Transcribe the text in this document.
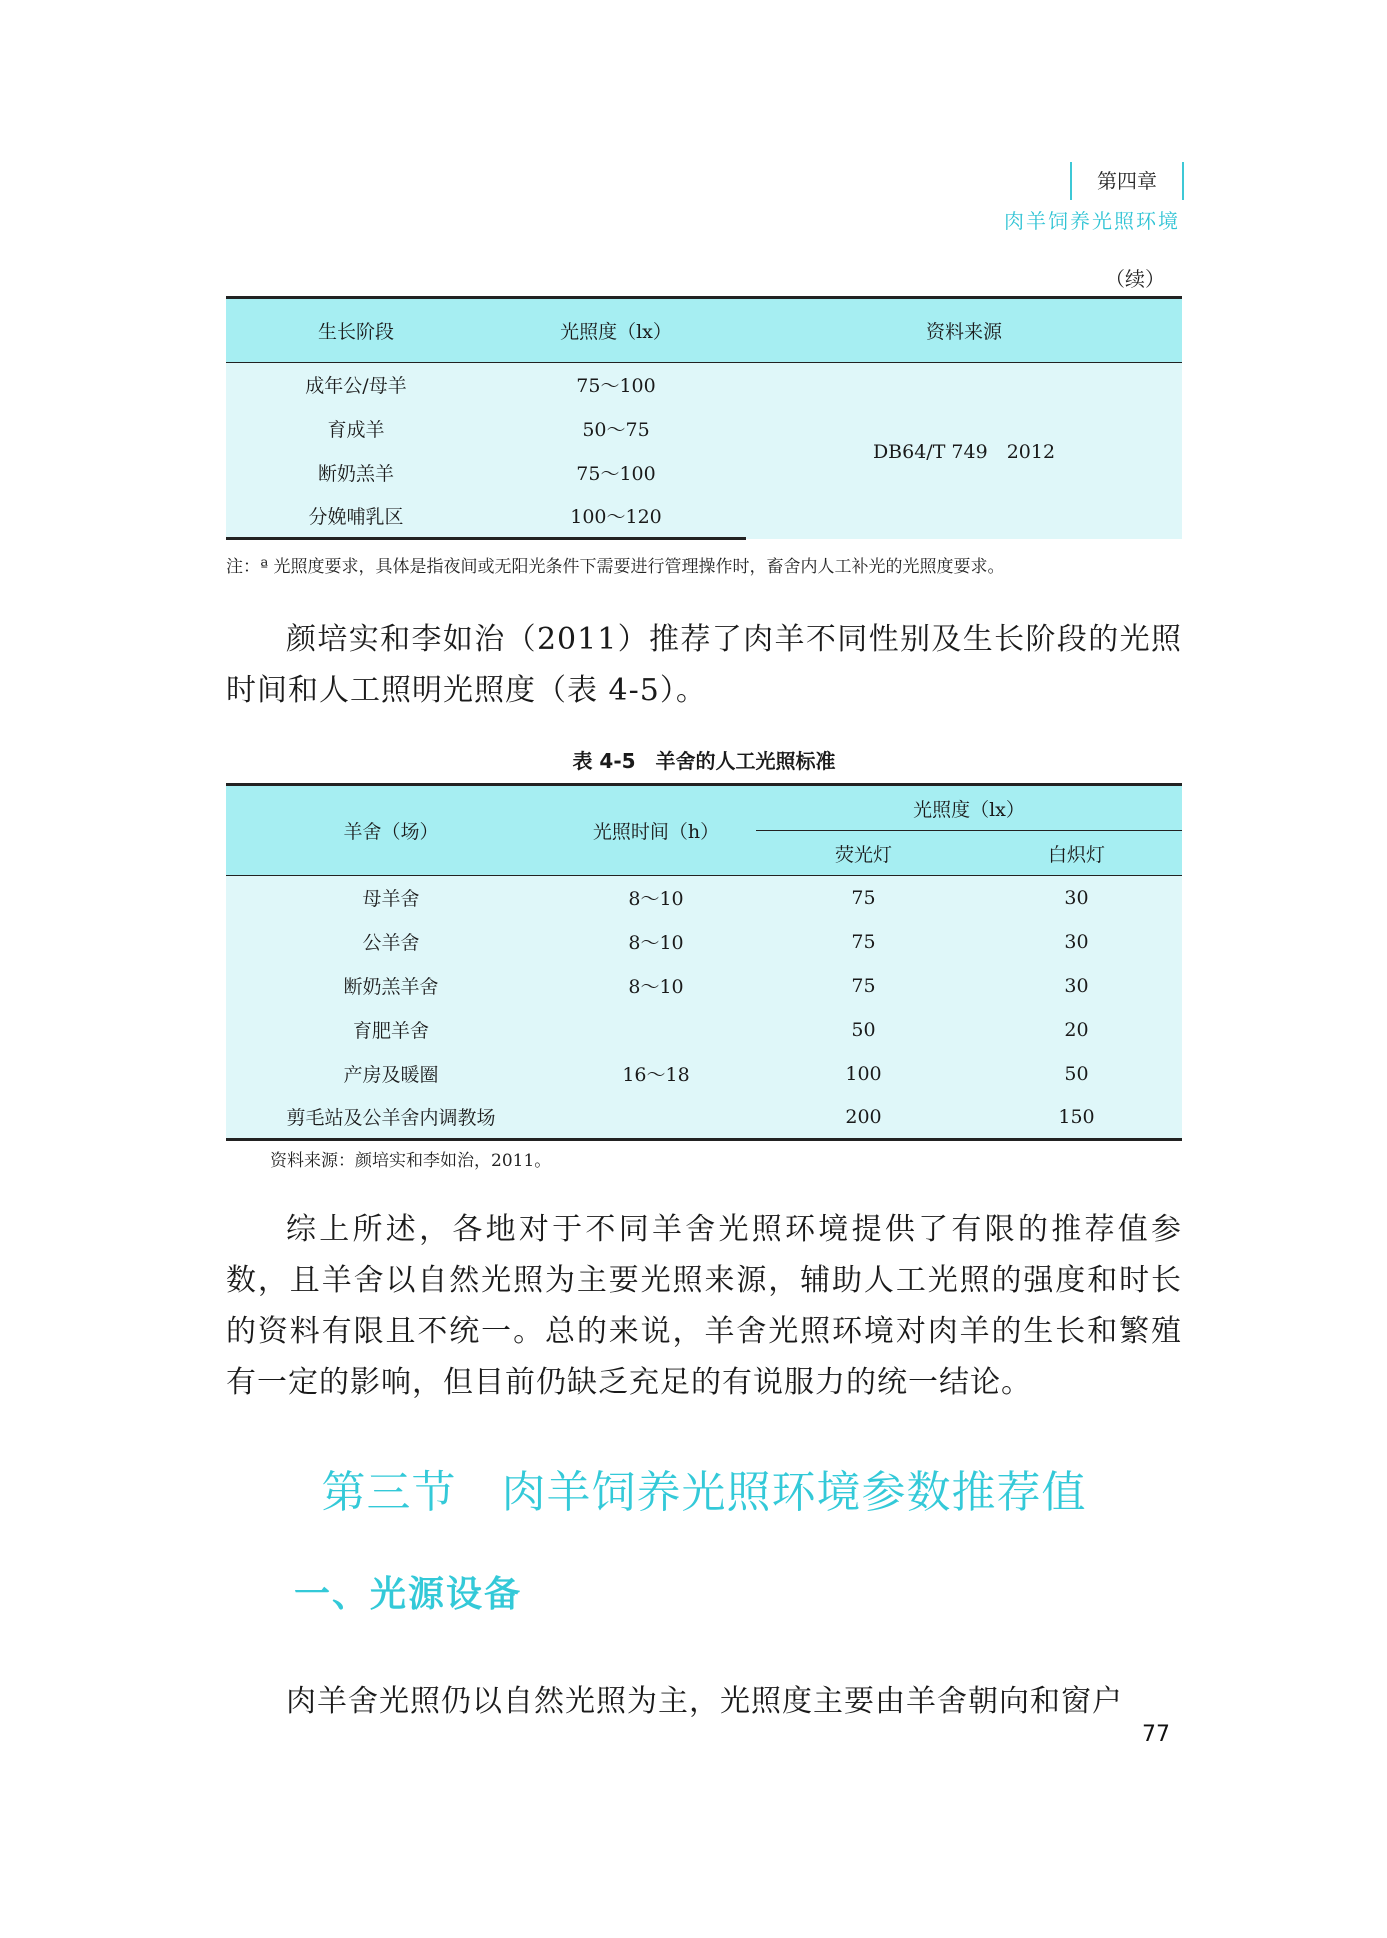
第四章
肉羊饲养光照环境
（续）
生长阶段	光照度（lx）	资料来源
成年公/母羊	75～100	DB64/T 749　2012
育成羊	50～75	
断奶羔羊	75～100	
分娩哺乳区	100～120	
注：ª 光照度要求，具体是指夜间或无阳光条件下需要进行管理操作时，畜舍内人工补光的光照度要求。

颜培实和李如治（2011）推荐了肉羊不同性别及生长阶段的光照时间和人工照明光照度（表 4-5）。

表 4-5　羊舍的人工光照标准
羊舍（场）	光照时间（h）	光照度（lx）	
		荧光灯	白炽灯
母羊舍	8～10	75	30
公羊舍	8～10	75	30
断奶羔羊舍	8～10	75	30
育肥羊舍		50	20
产房及暖圈	16～18	100	50
剪毛站及公羊舍内调教场		200	150
资料来源：颜培实和李如治，2011。

综上所述，各地对于不同羊舍光照环境提供了有限的推荐值参数，且羊舍以自然光照为主要光照来源，辅助人工光照的强度和时长的资料有限且不统一。总的来说，羊舍光照环境对肉羊的生长和繁殖有一定的影响，但目前仍缺乏充足的有说服力的统一结论。

第三节　肉羊饲养光照环境参数推荐值
一、光源设备

肉羊舍光照仍以自然光照为主，光照度主要由羊舍朝向和窗户

77
